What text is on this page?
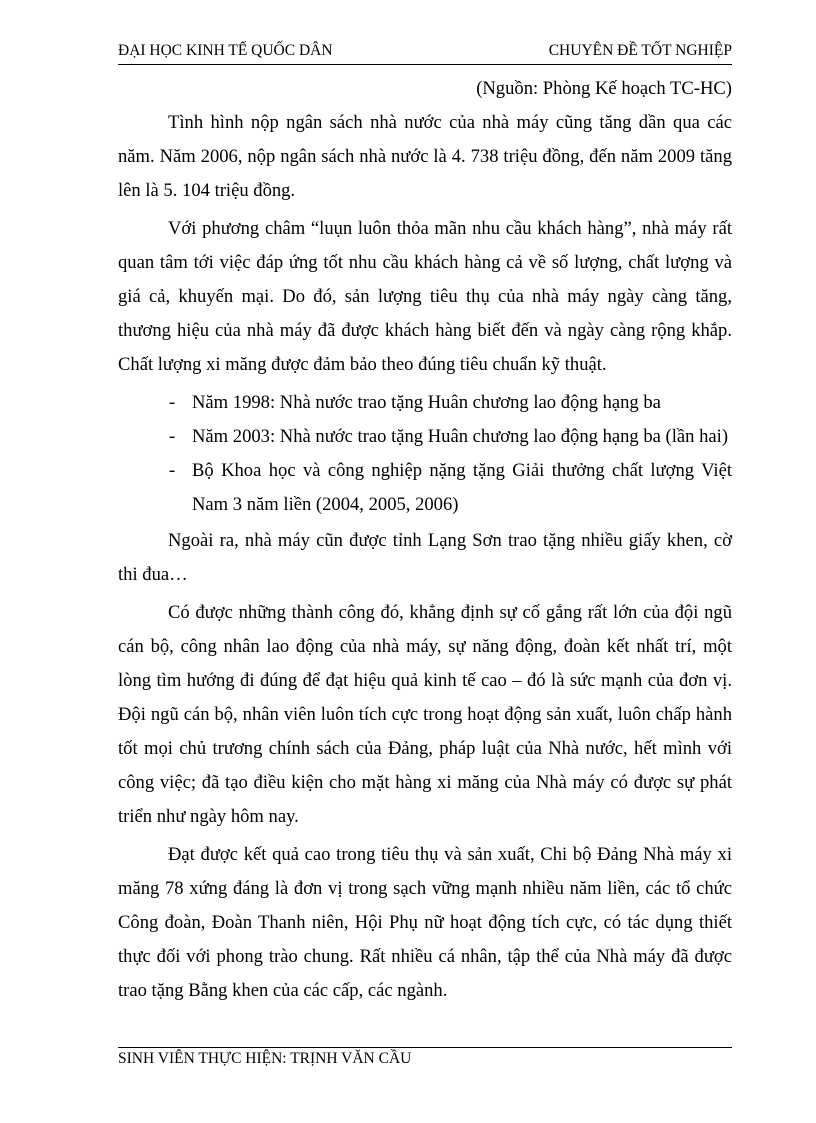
ĐẠI HỌC KINH TẾ QUỐC DÂN	CHUYÊN ĐỀ TỐT NGHIỆP

(Nguồn: Phòng Kế hoạch TC-HC)

Tình hình nộp ngân sách nhà nước của nhà máy cũng tăng dần qua các năm. Năm 2006, nộp ngân sách nhà nước là 4. 738 triệu đồng, đến năm 2009 tăng lên là 5. 104 triệu đồng.

Với phương châm “luụn luôn thỏa mãn nhu cầu khách hàng”, nhà máy rất quan tâm tới việc đáp ứng tốt nhu cầu khách hàng cả về số lượng, chất lượng và giá cả, khuyến mại. Do đó, sản lượng tiêu thụ của nhà máy ngày càng tăng, thương hiệu của nhà máy đã được khách hàng biết đến và ngày càng rộng khắp. Chất lượng xi măng được đảm bảo theo đúng tiêu chuẩn kỹ thuật.

- Năm 1998: Nhà nước trao tặng Huân chương lao động hạng ba
- Năm 2003: Nhà nước trao tặng Huân chương lao động hạng ba (lần hai)
- Bộ Khoa học và công nghiệp nặng tặng Giải thưởng chất lượng Việt Nam 3 năm liền (2004, 2005, 2006)

Ngoài ra, nhà máy cũn được tỉnh Lạng Sơn trao tặng nhiều giấy khen, cờ thi đua…

Có được những thành công đó, khẳng định sự cố gắng rất lớn của đội ngũ cán bộ, công nhân lao động của nhà máy, sự năng động, đoàn kết nhất trí, một lòng tìm hướng đi đúng để đạt hiệu quả kinh tế cao – đó là sức mạnh của đơn vị. Đội ngũ cán bộ, nhân viên luôn tích cực trong hoạt động sản xuất, luôn chấp hành tốt mọi chủ trương chính sách của Đảng, pháp luật của Nhà nước, hết mình với công việc; đã tạo điều kiện cho mặt hàng xi măng của Nhà máy có được sự phát triển như ngày hôm nay.

Đạt được kết quả cao trong tiêu thụ và sản xuất, Chi bộ Đảng Nhà máy xi măng 78 xứng đáng là đơn vị trong sạch vững mạnh nhiều năm liền, các tổ chức Công đoàn, Đoàn Thanh niên, Hội Phụ nữ hoạt động tích cực, có tác dụng thiết thực đối với phong trào chung. Rất nhiều cá nhân, tập thể của Nhà máy đã được trao tặng Bằng khen của các cấp, các ngành.

SINH VIÊN THỰC HIỆN: TRỊNH VĂN CẦU
